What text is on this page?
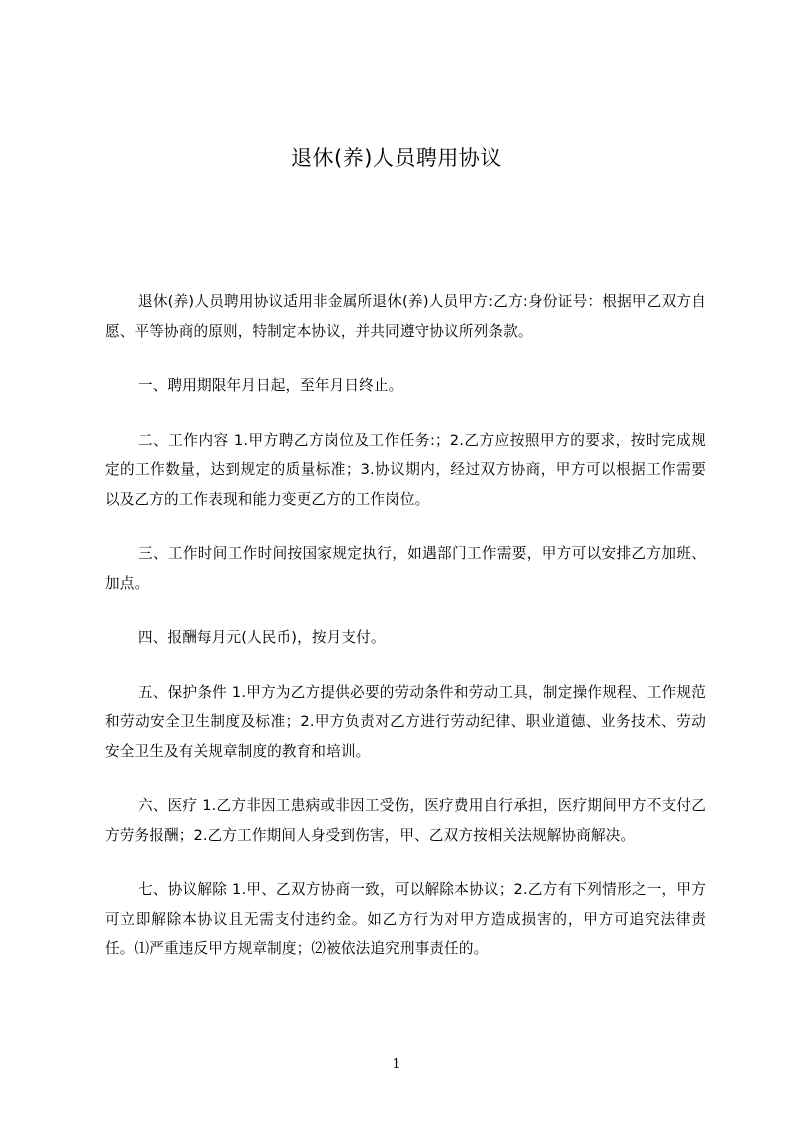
退休(养)人员聘用协议

退休(养)人员聘用协议适用非金属所退休(养)人员甲方:乙方:身份证号：根据甲乙双方自愿、平等协商的原则，特制定本协议，并共同遵守协议所列条款。

一、聘用期限年月日起，至年月日终止。

二、工作内容 1.甲方聘乙方岗位及工作任务:；2.乙方应按照甲方的要求，按时完成规定的工作数量，达到规定的质量标准；3.协议期内，经过双方协商，甲方可以根据工作需要以及乙方的工作表现和能力变更乙方的工作岗位。

三、工作时间工作时间按国家规定执行，如遇部门工作需要，甲方可以安排乙方加班、加点。

四、报酬每月元(人民币)，按月支付。

五、保护条件 1.甲方为乙方提供必要的劳动条件和劳动工具，制定操作规程、工作规范和劳动安全卫生制度及标准；2.甲方负责对乙方进行劳动纪律、职业道德、业务技术、劳动安全卫生及有关规章制度的教育和培训。

六、医疗 1.乙方非因工患病或非因工受伤，医疗费用自行承担，医疗期间甲方不支付乙方劳务报酬；2.乙方工作期间人身受到伤害，甲、乙双方按相关法规解协商解决。

七、协议解除 1.甲、乙双方协商一致，可以解除本协议；2.乙方有下列情形之一，甲方可立即解除本协议且无需支付违约金。如乙方行为对甲方造成损害的，甲方可追究法律责任。⑴严重违反甲方规章制度；⑵被依法追究刑事责任的。

1
